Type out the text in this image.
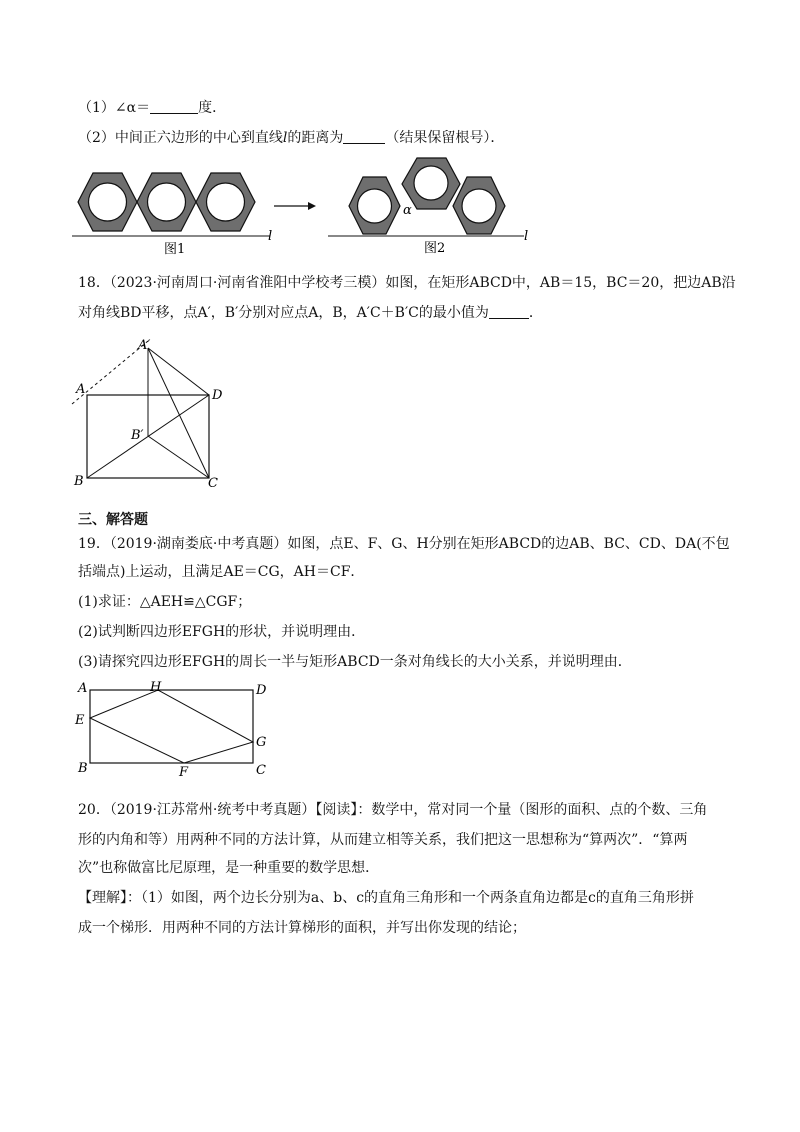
（1）∠α＝	度．
（2）中间正六边形的中心到直线l的距离为	（结果保留根号）．
l
图1
α
l
图2
18．（2023·河南周口·河南省淮阳中学校考三模）如图，在矩形ABCD中，AB＝15，BC＝20，把边AB沿
对角线BD平移，点A′，B′分别对应点A，B，A′C＋B′C的最小值为	．
A′
A	D
B′
B	C
三、解答题
19．（2019·湖南娄底·中考真题）如图，点E、F、G、H分别在矩形ABCD的边AB、BC、CD、DA(不包
括端点)上运动，且满足AE＝CG，AH＝CF．
(1)求证：△AEH≌△CGF；
(2)试判断四边形EFGH的形状，并说明理由．
(3)请探究四边形EFGH的周长一半与矩形ABCD一条对角线长的大小关系，并说明理由．
A	H	D
E
G
B	F	C
20．（2019·江苏常州·统考中考真题）【阅读】：数学中，常对同一个量（图形的面积、点的个数、三角
形的内角和等）用两种不同的方法计算，从而建立相等关系，我们把这一思想称为“算两次”．“算两
次”也称做富比尼原理，是一种重要的数学思想．
【理解】：（1）如图，两个边长分别为a、b、c的直角三角形和一个两条直角边都是c的直角三角形拼
成一个梯形．用两种不同的方法计算梯形的面积，并写出你发现的结论；
